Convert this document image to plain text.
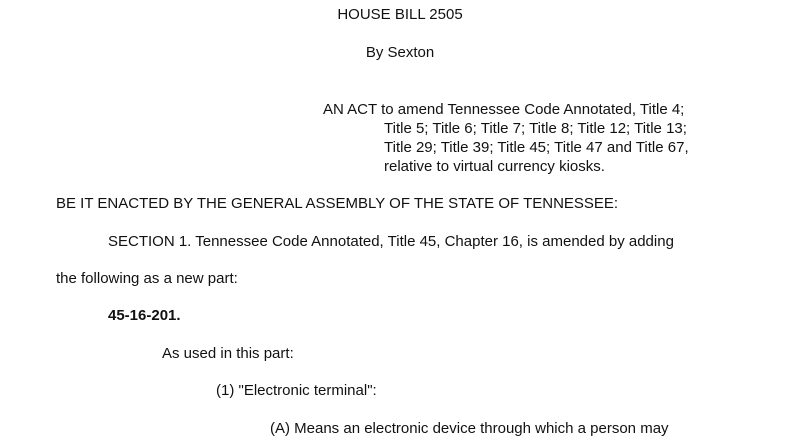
HOUSE BILL 2505
By Sexton
AN ACT to amend Tennessee Code Annotated, Title 4;
Title 5; Title 6; Title 7; Title 8; Title 12; Title 13;
Title 29; Title 39; Title 45; Title 47 and Title 67,
relative to virtual currency kiosks.
BE IT ENACTED BY THE GENERAL ASSEMBLY OF THE STATE OF TENNESSEE:
SECTION 1. Tennessee Code Annotated, Title 45, Chapter 16, is amended by adding
the following as a new part:
45-16-201.
As used in this part:
(1) "Electronic terminal":
(A) Means an electronic device through which a person may
